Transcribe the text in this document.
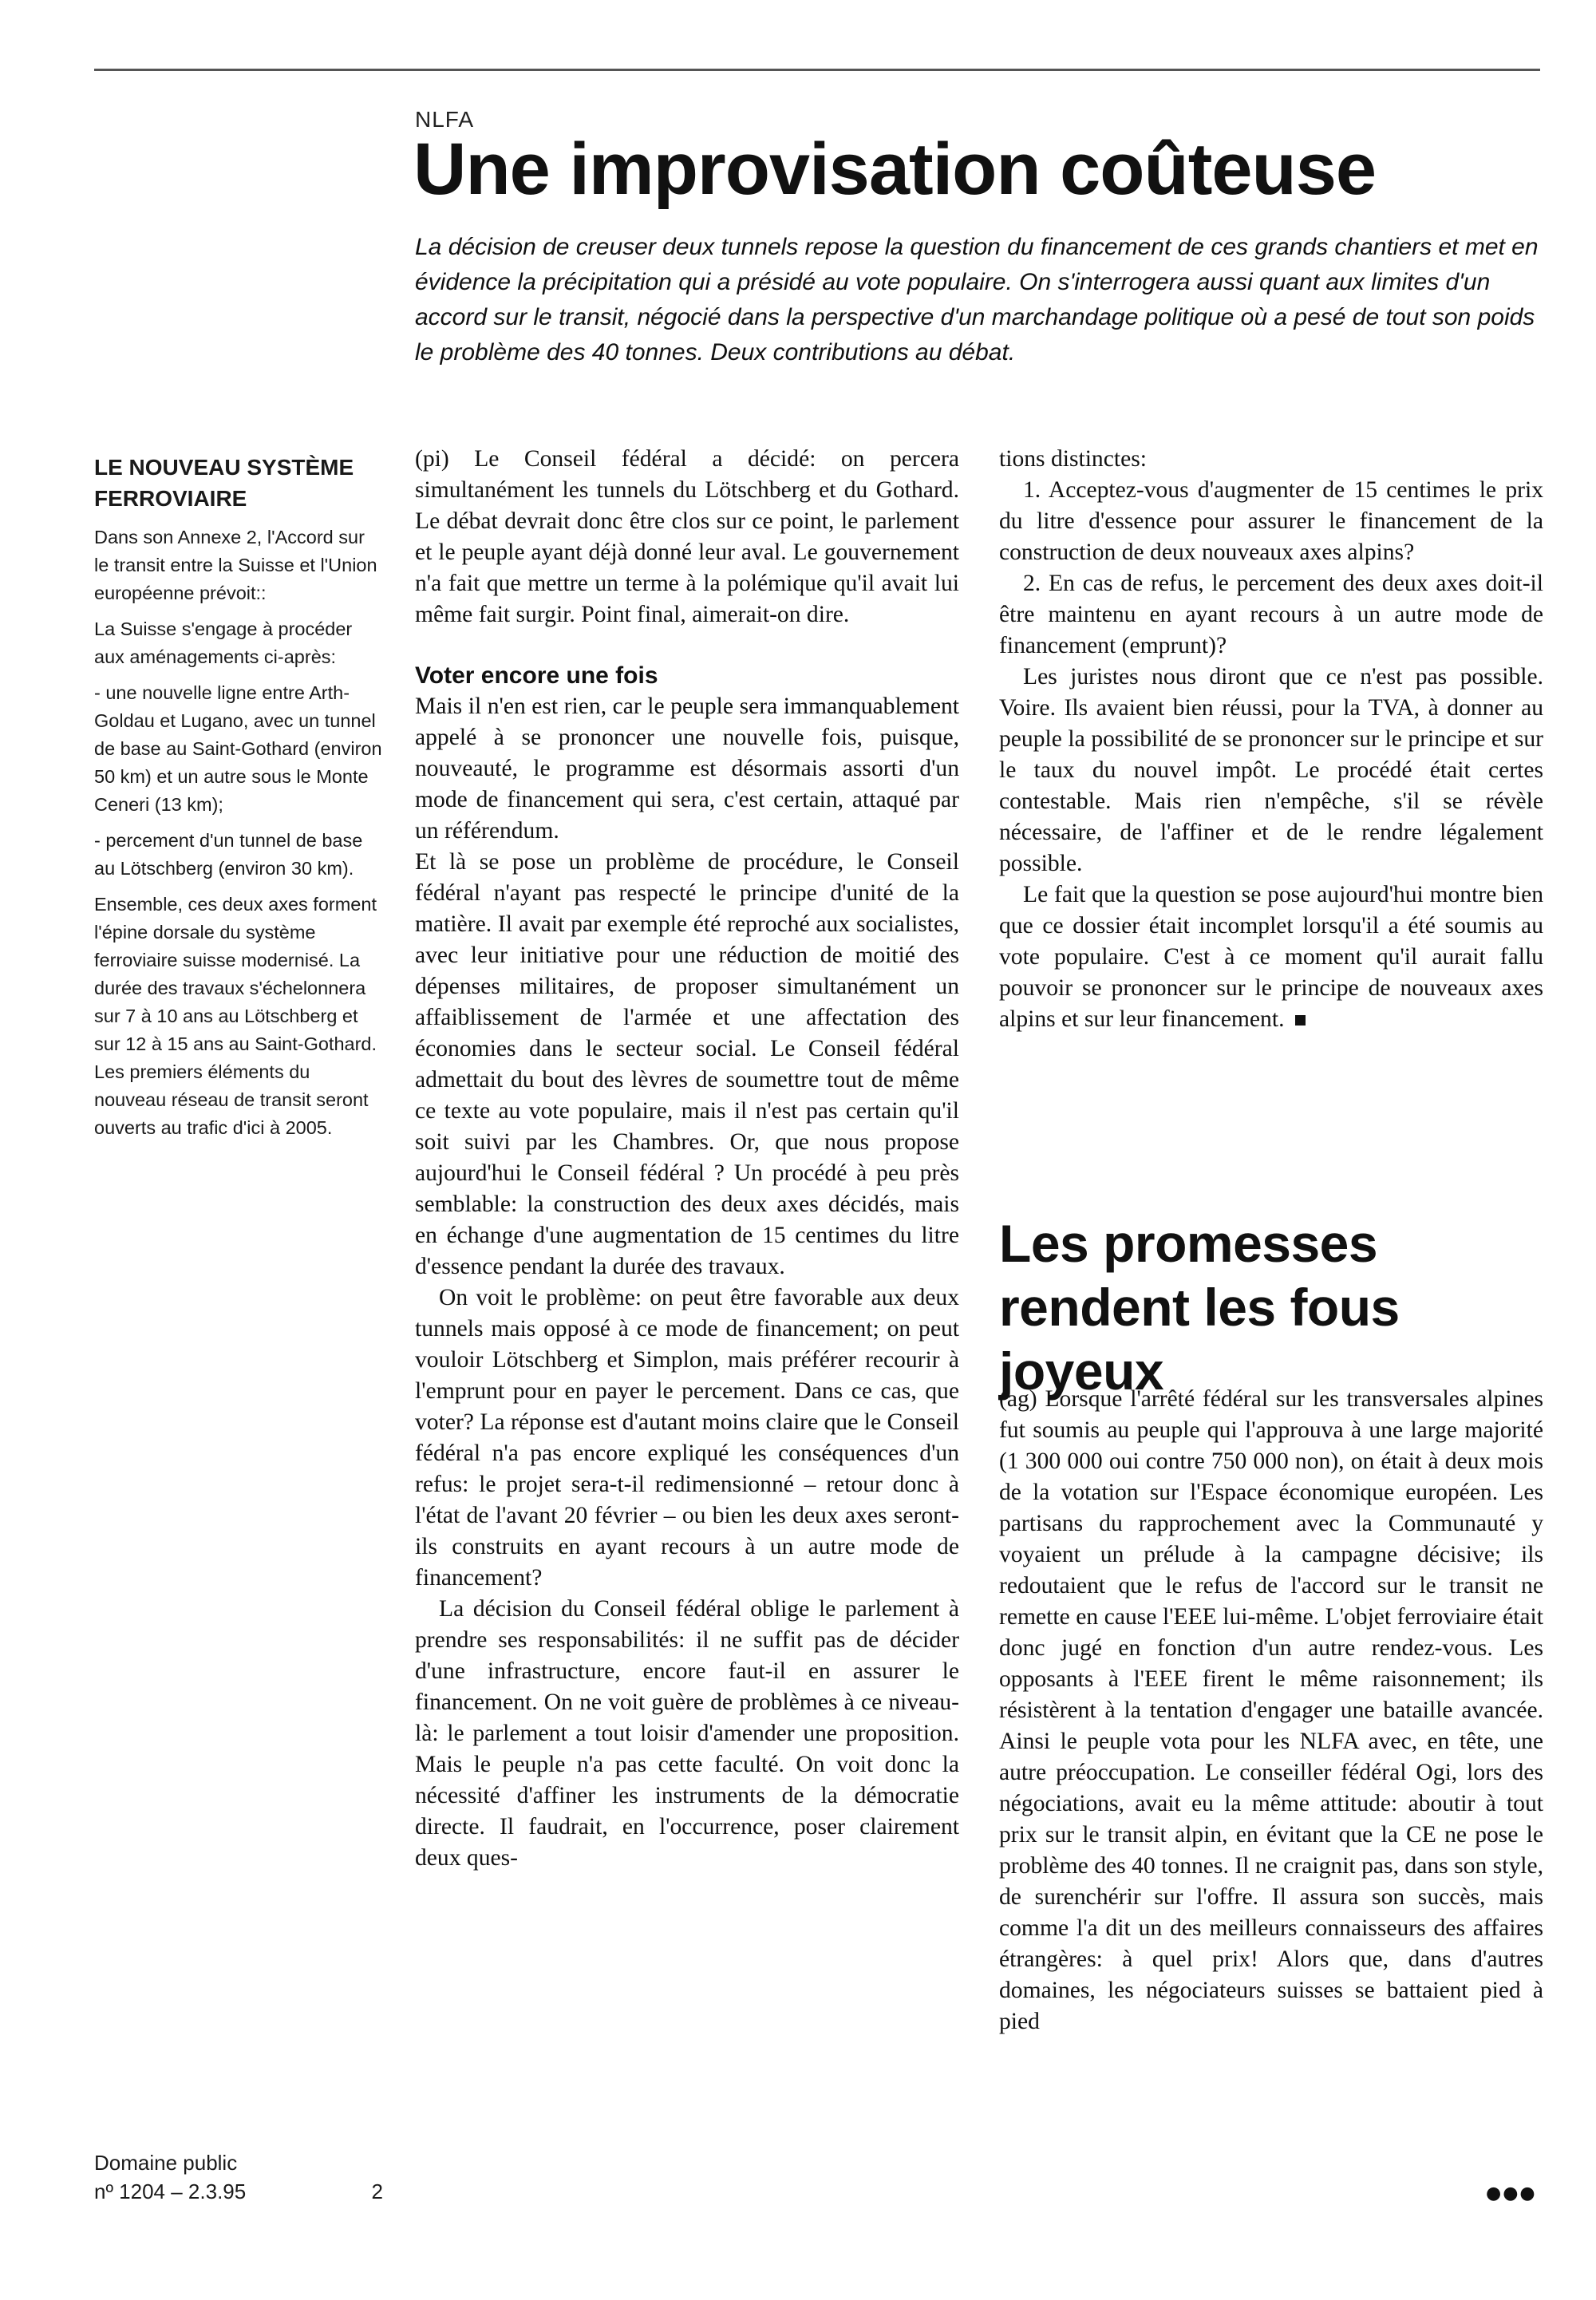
NLFA
Une improvisation coûteuse
La décision de creuser deux tunnels repose la question du financement de ces grands chantiers et met en évidence la précipitation qui a présidé au vote populaire. On s'interrogera aussi quant aux limites d'un accord sur le transit, négocié dans la perspective d'un marchandage politique où a pesé de tout son poids le problème des 40 tonnes. Deux contributions au débat.
LE NOUVEAU SYSTÈME FERROVIAIRE

Dans son Annexe 2, l'Accord sur le transit entre la Suisse et l'Union européenne prévoit::

La Suisse s'engage à procéder aux aménagements ci-après:

- une nouvelle ligne entre Arth-Goldau et Lugano, avec un tunnel de base au Saint-Gothard (environ 50 km) et un autre sous le Monte Ceneri (13 km);

- percement d'un tunnel de base au Lötschberg (environ 30 km).

Ensemble, ces deux axes forment l'épine dorsale du système ferroviaire suisse modernisé. La durée des travaux s'échelonnera sur 7 à 10 ans au Lötschberg et sur 12 à 15 ans au Saint-Gothard. Les premiers éléments du nouveau réseau de transit seront ouverts au trafic d'ici à 2005.

Domaine public
nº 1204 – 2.3.95	2

(pi) Le Conseil fédéral a décidé: on percera simultanément les tunnels du Lötschberg et du Gothard. Le débat devrait donc être clos sur ce point, le parlement et le peuple ayant déjà donné leur aval. Le gouvernement n'a fait que mettre un terme à la polémique qu'il avait lui même fait surgir. Point final, aimerait-on dire.

Voter encore une fois

Mais il n'en est rien, car le peuple sera immanquablement appelé à se prononcer une nouvelle fois, puisque, nouveauté, le programme est désormais assorti d'un mode de financement qui sera, c'est certain, attaqué par un référendum.

Et là se pose un problème de procédure, le Conseil fédéral n'ayant pas respecté le principe d'unité de la matière. Il avait par exemple été reproché aux socialistes, avec leur initiative pour une réduction de moitié des dépenses militaires, de proposer simultanément un affaiblissement de l'armée et une affectation des économies dans le secteur social. Le Conseil fédéral admettait du bout des lèvres de soumettre tout de même ce texte au vote populaire, mais il n'est pas certain qu'il soit suivi par les Chambres. Or, que nous propose aujourd'hui le Conseil fédéral ? Un procédé à peu près semblable: la construction des deux axes décidés, mais en échange d'une augmentation de 15 centimes du litre d'essence pendant la durée des travaux.

On voit le problème: on peut être favorable aux deux tunnels mais opposé à ce mode de financement; on peut vouloir Lötschberg et Simplon, mais préférer recourir à l'emprunt pour en payer le percement. Dans ce cas, que voter? La réponse est d'autant moins claire que le Conseil fédéral n'a pas encore expliqué les conséquences d'un refus: le projet sera-t-il redimensionné – retour donc à l'état de l'avant 20 février – ou bien les deux axes seront-ils construits en ayant recours à un autre mode de financement?

La décision du Conseil fédéral oblige le parlement à prendre ses responsabilités: il ne suffit pas de décider d'une infrastructure, encore faut-il en assurer le financement. On ne voit guère de problèmes à ce niveau-là: le parlement a tout loisir d'amender une proposition. Mais le peuple n'a pas cette faculté. On voit donc la nécessité d'affiner les instruments de la démocratie directe. Il faudrait, en l'occurrence, poser clairement deux ques-

tions distinctes:

1. Acceptez-vous d'augmenter de 15 centimes le prix du litre d'essence pour assurer le financement de la construction de deux nouveaux axes alpins?

2. En cas de refus, le percement des deux axes doit-il être maintenu en ayant recours à un autre mode de financement (emprunt)?

Les juristes nous diront que ce n'est pas possible. Voire. Ils avaient bien réussi, pour la TVA, à donner au peuple la possibilité de se prononcer sur le principe et sur le taux du nouvel impôt. Le procédé était certes contestable. Mais rien n'empêche, s'il se révèle nécessaire, de l'affiner et de le rendre légalement possible.

Le fait que la question se pose aujourd'hui montre bien que ce dossier était incomplet lorsqu'il a été soumis au vote populaire. C'est à ce moment qu'il aurait fallu pouvoir se prononcer sur le principe de nouveaux axes alpins et sur leur financement.

Les promesses rendent les fous joyeux

(ag) Lorsque l'arrêté fédéral sur les transversales alpines fut soumis au peuple qui l'approuva à une large majorité (1 300 000 oui contre 750 000 non), on était à deux mois de la votation sur l'Espace économique européen. Les partisans du rapprochement avec la Communauté y voyaient un prélude à la campagne décisive; ils redoutaient que le refus de l'accord sur le transit ne remette en cause l'EEE lui-même. L'objet ferroviaire était donc jugé en fonction d'un autre rendez-vous. Les opposants à l'EEE firent le même raisonnement; ils résistèrent à la tentation d'engager une bataille avancée. Ainsi le peuple vota pour les NLFA avec, en tête, une autre préoccupation. Le conseiller fédéral Ogi, lors des négociations, avait eu la même attitude: aboutir à tout prix sur le transit alpin, en évitant que la CE ne pose le problème des 40 tonnes. Il ne craignit pas, dans son style, de surenchérir sur l'offre. Il assura son succès, mais comme l'a dit un des meilleurs connaisseurs des affaires étrangères: à quel prix! Alors que, dans d'autres domaines, les négociateurs suisses se battaient pied à pied

●●●
